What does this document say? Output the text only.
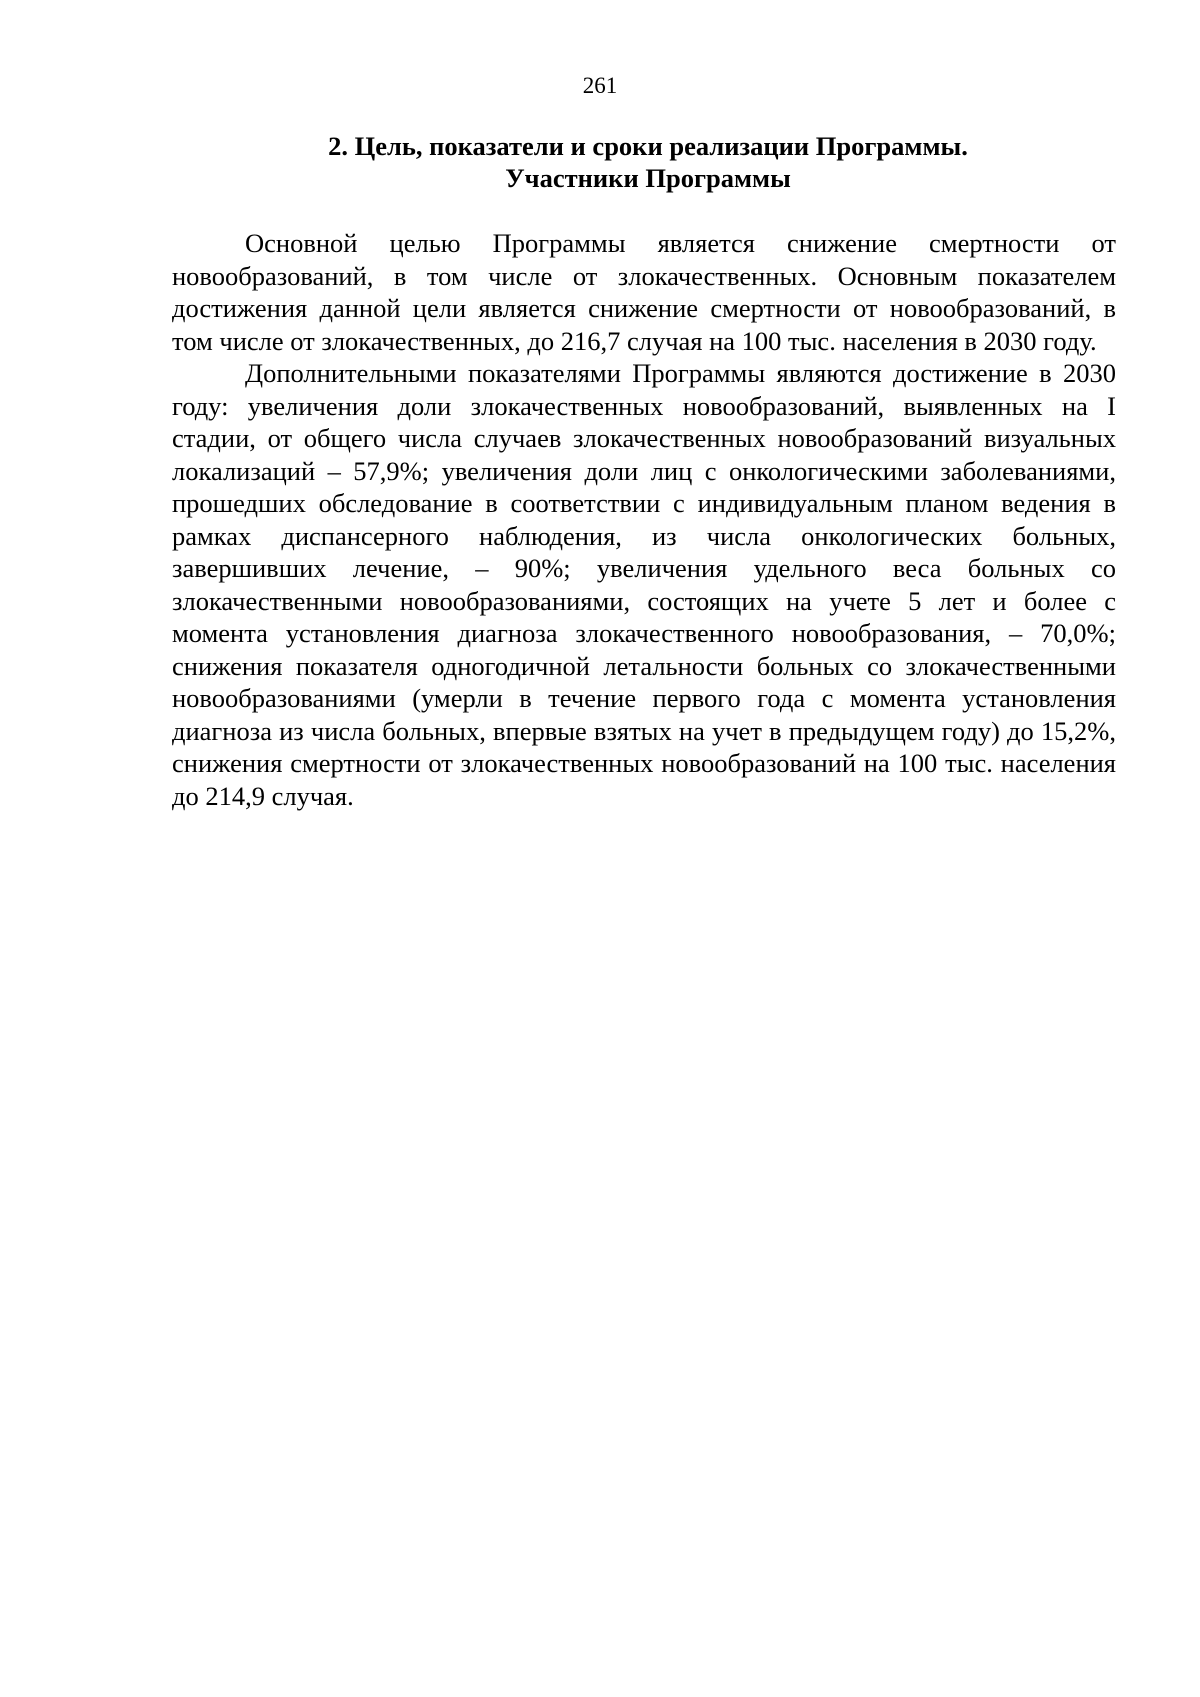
261
2. Цель, показатели и сроки реализации Программы.
Участники Программы

Основной целью Программы является снижение смертности от новообразований, в том числе от злокачественных. Основным показателем достижения данной цели является снижение смертности от новообразований, в том числе от злокачественных, до 216,7 случая на 100 тыс. населения в 2030 году.

Дополнительными показателями Программы являются достижение в 2030 году: увеличения доли злокачественных новообразований, выявленных на I стадии, от общего числа случаев злокачественных новообразований визуальных локализаций – 57,9%; увеличения доли лиц с онкологическими заболеваниями, прошедших обследование в соответствии с индивидуальным планом ведения в рамках диспансерного наблюдения, из числа онкологических больных, завершивших лечение, – 90%; увеличения удельного веса больных со злокачественными новообразованиями, состоящих на учете 5 лет и более с момента установления диагноза злокачественного новообразования, – 70,0%; снижения показателя одногодичной летальности больных со злокачественными новообразованиями (умерли в течение первого года с момента установления диагноза из числа больных, впервые взятых на учет в предыдущем году) до 15,2%, снижения смертности от злокачественных новообразований на 100 тыс. населения до 214,9 случая.
